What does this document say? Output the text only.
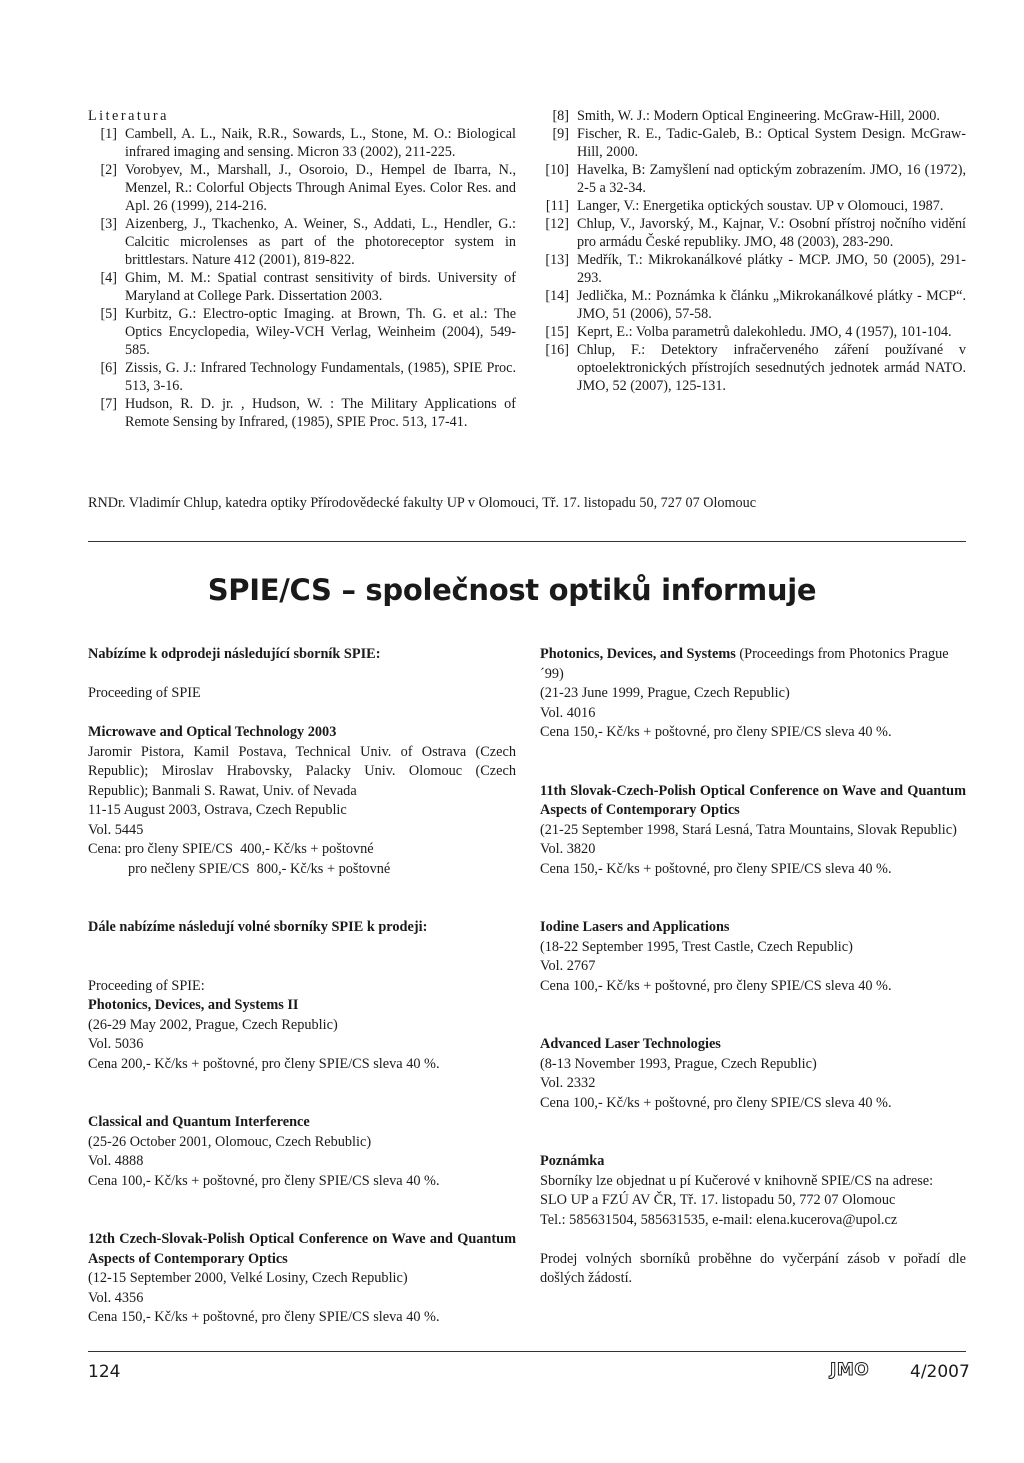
Literatura
[1] Cambell, A. L., Naik, R.R., Sowards, L., Stone, M. O.: Biological infrared imaging and sensing. Micron 33 (2002), 211-225.
[2] Vorobyev, M., Marshall, J., Osoroio, D., Hempel de Ibarra, N., Menzel, R.: Colorful Objects Through Animal Eyes. Color Res. and Apl. 26 (1999), 214-216.
[3] Aizenberg, J., Tkachenko, A. Weiner, S., Addati, L., Hendler, G.: Calcitic microlenses as part of the photoreceptor system in brittlestars. Nature 412 (2001), 819-822.
[4] Ghim, M. M.: Spatial contrast sensitivity of birds. University of Maryland at College Park. Dissertation 2003.
[5] Kurbitz, G.: Electro-optic Imaging. at Brown, Th. G. et al.: The Optics Encyclopedia, Wiley-VCH Verlag, Weinheim (2004), 549-585.
[6] Zissis, G. J.: Infrared Technology Fundamentals, (1985), SPIE Proc. 513, 3-16.
[7] Hudson, R. D. jr. , Hudson, W. : The Military Applications of Remote Sensing by Infrared, (1985), SPIE Proc. 513, 17-41.
[8] Smith, W. J.: Modern Optical Engineering. McGraw-Hill, 2000.
[9] Fischer, R. E., Tadic-Galeb, B.: Optical System Design. McGraw-Hill, 2000.
[10] Havelka, B: Zamyšlení nad optickým zobrazením. JMO, 16 (1972), 2-5 a 32-34.
[11] Langer, V.: Energetika optických soustav. UP v Olomouci, 1987.
[12] Chlup, V., Javorský, M., Kajnar, V.: Osobní přístroj nočního vidění pro armádu České republiky. JMO, 48 (2003), 283-290.
[13] Medřík, T.: Mikrokanálkové plátky - MCP. JMO, 50 (2005), 291-293.
[14] Jedlička, M.: Poznámka k článku „Mikrokanálkové plátky - MCP“. JMO, 51 (2006), 57-58.
[15] Keprt, E.: Volba parametrů dalekohledu. JMO, 4 (1957), 101-104.
[16] Chlup, F.: Detektory infračerveného záření používané v optoelektronických přístrojích sesednutých jednotek armád NATO. JMO, 52 (2007), 125-131.
RNDr. Vladimír Chlup, katedra optiky Přírodovědecké fakulty UP v Olomouci, Tř. 17. listopadu 50, 727 07 Olomouc
SPIE/CS – společnost optiků informuje
Nabízíme k odprodeji následující sborník SPIE:
Proceeding of SPIE
Microwave and Optical Technology 2003
Jaromir Pistora, Kamil Postava, Technical Univ. of Ostrava (Czech Republic); Miroslav Hrabovsky, Palacky Univ. Olomouc (Czech Republic); Banmali S. Rawat, Univ. of Nevada
11-15 August 2003, Ostrava, Czech Republic
Vol. 5445
Cena: pro členy SPIE/CS  400,- Kč/ks + poštovné
pro nečleny SPIE/CS  800,- Kč/ks + poštovné
Dále nabízíme následují volné sborníky SPIE k prodeji:
Proceeding of SPIE:
Photonics, Devices, and Systems II
(26-29 May 2002, Prague, Czech Republic)
Vol. 5036
Cena 200,- Kč/ks + poštovné, pro členy SPIE/CS sleva 40 %.
Classical and Quantum Interference
(25-26 October 2001, Olomouc, Czech Rebublic)
Vol. 4888
Cena 100,- Kč/ks + poštovné, pro členy SPIE/CS sleva 40 %.
12th Czech-Slovak-Polish Optical Conference on Wave and Quantum Aspects of Contemporary Optics
(12-15 September 2000, Velké Losiny, Czech Republic)
Vol. 4356
Cena 150,- Kč/ks + poštovné, pro členy SPIE/CS sleva 40 %.
Photonics, Devices, and Systems (Proceedings from Photonics Prague ´99)
(21-23 June 1999, Prague, Czech Republic)
Vol. 4016
Cena 150,- Kč/ks + poštovné, pro členy SPIE/CS sleva 40 %.
11th Slovak-Czech-Polish Optical Conference on Wave and Quantum Aspects of Contemporary Optics
(21-25 September 1998, Stará Lesná, Tatra Mountains, Slovak Republic)
Vol. 3820
Cena 150,- Kč/ks + poštovné, pro členy SPIE/CS sleva 40 %.
Iodine Lasers and Applications
(18-22 September 1995, Trest Castle, Czech Republic)
Vol. 2767
Cena 100,- Kč/ks + poštovné, pro členy SPIE/CS sleva 40 %.
Advanced Laser Technologies
(8-13 November 1993, Prague, Czech Republic)
Vol. 2332
Cena 100,- Kč/ks + poštovné, pro členy SPIE/CS sleva 40 %.
Poznámka
Sborníky lze objednat u pí Kučerové v knihovně SPIE/CS na adrese:
SLO UP a FZÚ AV ČR, Tř. 17. listopadu 50, 772 07 Olomouc
Tel.: 585631504, 585631535, e-mail: elena.kucerova@upol.cz
Prodej volných sborníků proběhne do vyčerpání zásob v pořadí dle došlých žádostí.
124	JMO 4/2007
